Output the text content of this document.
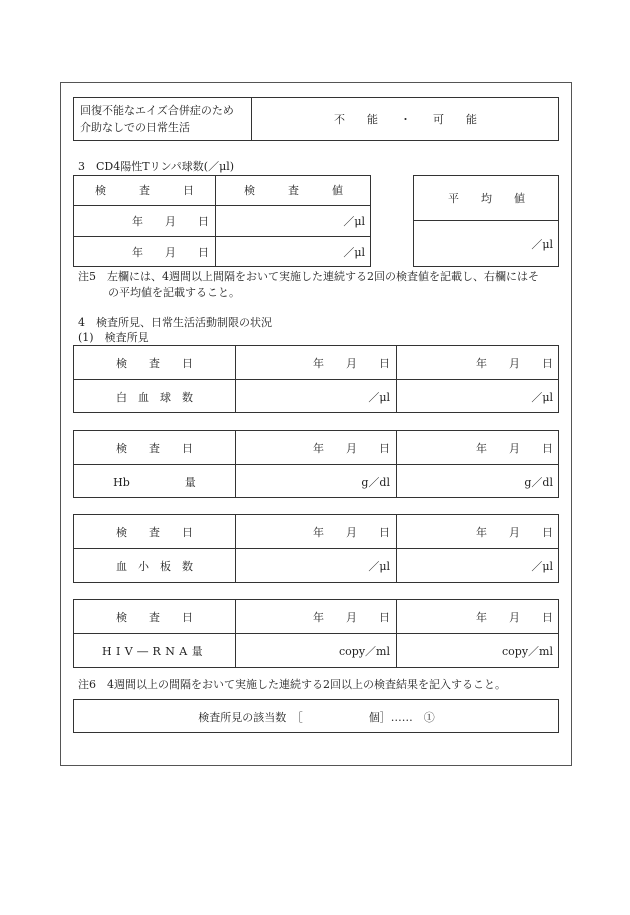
回復不能なエイズ合併症のため
介助なしでの日常生活
不　　能　　・　　可　　能
3　CD4陽性Tリンパ球数(／μl)
検　　　査　　　日	検　　　査　　　値
年　　月　　日	／μl
年　　月　　日	／μl
平　　均　　値
／μl
注5　左欄には、4週間以上間隔をおいて実施した連続する2回の検査値を記載し、右欄にはそ
の平均値を記載すること。
4　検査所見、日常生活活動制限の状況
(1)　検査所見
検　　査　　日	年　　月　　日	年　　月　　日
白　血　球　数	／μl	／μl
検　　査　　日	年　　月　　日	年　　月　　日
Hb　　　　　量	g／dl	g／dl
検　　査　　日	年　　月　　日	年　　月　　日
血　小　板　数	／μl	／μl
検　　査　　日	年　　月　　日	年　　月　　日
HIV―RNA量	copy／ml	copy／ml
注6　4週間以上の間隔をおいて実施した連続する2回以上の検査結果を記入すること。
検査所見の該当数　［　　　　　　個］……　①
